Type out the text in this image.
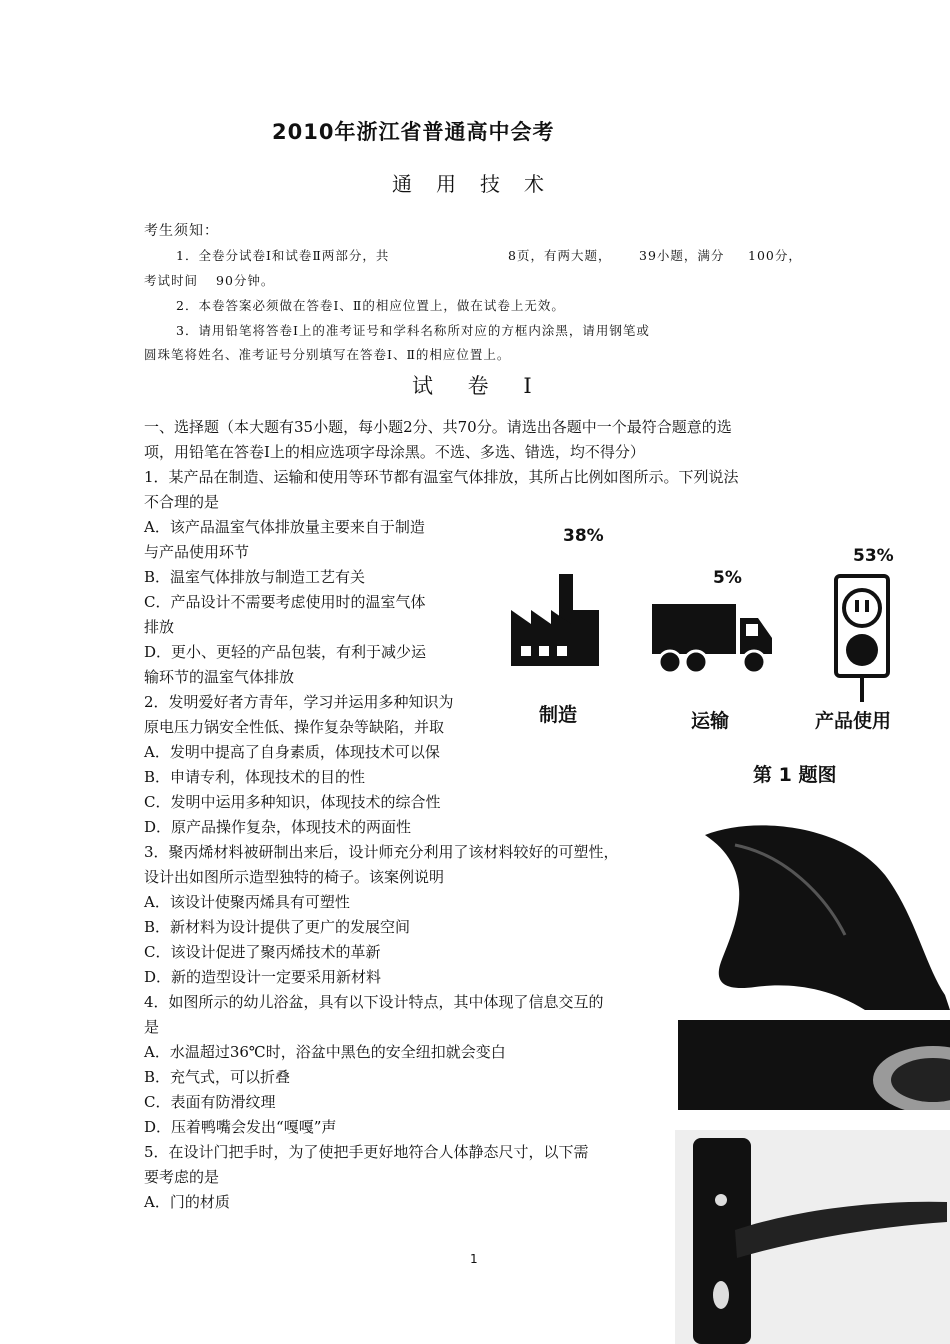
2010年浙江省普通高中会考
通用技术
考生须知：
1．全卷分试卷Ⅰ和试卷Ⅱ两部分，共	8页，有两大题， 39小题，满分 100分，
考试时间 90分钟。
2．本卷答案必须做在答卷Ⅰ、Ⅱ的相应位置上，做在试卷上无效。
3．请用铅笔将答卷Ⅰ上的准考证号和学科名称所对应的方框内涂黑，请用钢笔或
圆珠笔将姓名、准考证号分别填写在答卷Ⅰ、Ⅱ的相应位置上。
试 卷 Ⅰ

一、选择题（本大题有35小题，每小题2分、共70分。请选出各题中一个最符合题意的选

项，用铅笔在答卷Ⅰ上的相应选项字母涂黑。不选、多选、错选，均不得分）

1．某产品在制造、运输和使用等环节都有温室气体排放，其所占比例如图所示。下列说法

不合理的是

A．该产品温室气体排放量主要来自于制造

与产品使用环节

B．温室气体排放与制造工艺有关

C．产品设计不需要考虑使用时的温室气体

排放

D．更小、更轻的产品包装，有利于减少运

输环节的温室气体排放

2．发明爱好者方青年，学习并运用多种知识为

原电压力锅安全性低、操作复杂等缺陷，并取

A．发明中提高了自身素质，体现技术可以保

B．申请专利，体现技术的目的性

C．发明中运用多种知识，体现技术的综合性

D．原产品操作复杂，体现技术的两面性

3．聚丙烯材料被研制出来后，设计师充分利用了该材料较好的可塑性，

设计出如图所示造型独特的椅子。该案例说明

A．该设计使聚丙烯具有可塑性

B．新材料为设计提供了更广的发展空间

C．该设计促进了聚丙烯技术的革新

D．新的造型设计一定要采用新材料

4．如图所示的幼儿浴盆，具有以下设计特点，其中体现了信息交互的

是

A．水温超过36℃时，浴盆中黑色的安全纽扣就会变白

B．充气式，可以折叠

C．表面有防滑纹理

D．压着鸭嘴会发出“嘎嘎”声

5．在设计门把手时，为了使把手更好地符合人体静态尺寸，以下需

要考虑的是

A．门的材质

38%
5%
53%
制造	运输	产品使用
第 1 题图
1
